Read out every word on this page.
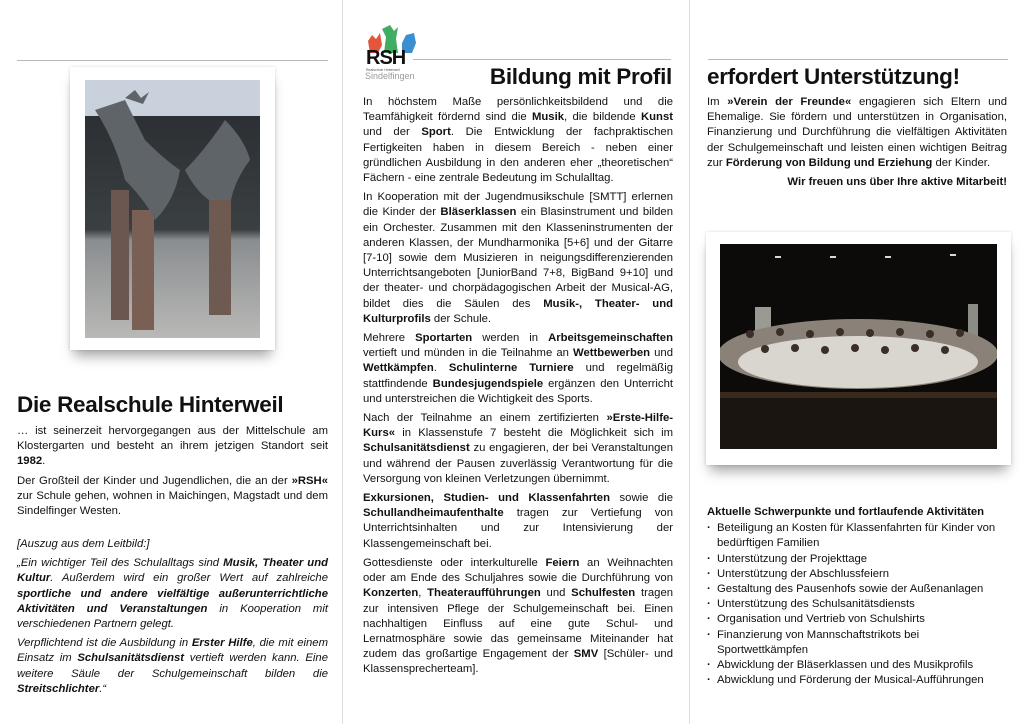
Die Realschule Hinterweil

… ist seinerzeit hervorgegangen aus der Mittelschule am Klostergarten und besteht an ihrem jetzigen Standort seit 1982.

Der Großteil der Kinder und Jugendlichen, die an der »RSH« zur Schule gehen, wohnen in Maichingen, Magstadt und dem Sindelfinger Westen.

[Auszug aus dem Leitbild:]

„Ein wichtiger Teil des Schulalltags sind Musik, Theater und Kultur. Außerdem wird ein großer Wert auf zahlreiche sportliche und andere vielfältige außerunterrichtliche Aktivitäten und Veranstaltungen in Kooperation mit verschiedenen Partnern gelegt.

Verpflichtend ist die Ausbildung in Erster Hilfe, die mit einem Einsatz im Schulsanitätsdienst vertieft werden kann. Eine weitere Säule der Schulgemeinschaft bilden die Streitschlichter.“

RSH
Realschule Hinterweil
Sindelfingen	Bildung mit Profil

In höchstem Maße persönlichkeitsbildend und die Teamfähigkeit fördernd sind die Musik, die bildende Kunst und der Sport. Die Entwicklung der fachpraktischen Fertigkeiten haben in diesem Bereich - neben einer gründlichen Ausbildung in den anderen eher „theoretischen“ Fächern - eine zentrale Bedeutung im Schulalltag.

In Kooperation mit der Jugendmusikschule [SMTT] erlernen die Kinder der Bläserklassen ein Blasinstrument und bilden ein Orchester. Zusammen mit den Klasseninstrumenten der anderen Klassen, der Mundharmonika [5+6] und der Gitarre [7-10] sowie dem Musizieren in neigungsdifferenzierenden Unterrichtsangeboten [JuniorBand 7+8, BigBand 9+10] und der theater- und chorpädagogischen Arbeit der Musical-AG, bildet dies die Säulen des Musik-, Theater- und Kulturprofils der Schule.

Mehrere Sportarten werden in Arbeitsgemeinschaften vertieft und münden in die Teilnahme an Wettbewerben und Wettkämpfen. Schulinterne Turniere und regelmäßig stattfindende Bundesjugendspiele ergänzen den Unterricht und unterstreichen die Wichtigkeit des Sports.

Nach der Teilnahme an einem zertifizierten »Erste-Hilfe-Kurs« in Klassenstufe 7 besteht die Möglichkeit sich im Schulsanitätsdienst zu engagieren, der bei Veranstaltungen und während der Pausen zuverlässig Verantwortung für die Versorgung von kleinen Verletzungen übernimmt.

Exkursionen, Studien- und Klassenfahrten sowie die Schullandheimaufenthalte tragen zur Vertiefung von Unterrichtsinhalten und zur Intensivierung der Klassengemeinschaft bei.

Gottesdienste oder interkulturelle Feiern an Weihnachten oder am Ende des Schuljahres sowie die Durchführung von Konzerten, Theateraufführungen und Schulfesten tragen zur intensiven Pflege der Schulgemeinschaft bei. Einen nachhaltigen Einfluss auf eine gute Schul- und Lernatmosphäre sowie das gemeinsame Miteinander hat zudem das großartige Engagement der SMV [Schüler- und Klassensprecherteam].

erfordert Unterstützung!

Im »Verein der Freunde« engagieren sich Eltern und Ehemalige. Sie fördern und unterstützen in Organisation, Finanzierung und Durchführung die vielfältigen Aktivitäten der Schulgemeinschaft und leisten einen wichtigen Beitrag zur Förderung von Bildung und Erziehung der Kinder.

Wir freuen uns über Ihre aktive Mitarbeit!

Aktuelle Schwerpunkte und fortlaufende Aktivitäten
· Beteiligung an Kosten für Klassenfahrten für Kinder von bedürftigen Familien
· Unterstützung der Projekttage
· Unterstützung der Abschlussfeiern
· Gestaltung des Pausenhofs sowie der Außenanlagen
· Unterstützung des Schulsanitätsdiensts
· Organisation und Vertrieb von Schulshirts
· Finanzierung von Mannschaftstrikots bei Sportwettkämpfen
· Abwicklung der Bläserklassen und des Musikprofils
· Abwicklung und Förderung der Musical-Aufführungen
